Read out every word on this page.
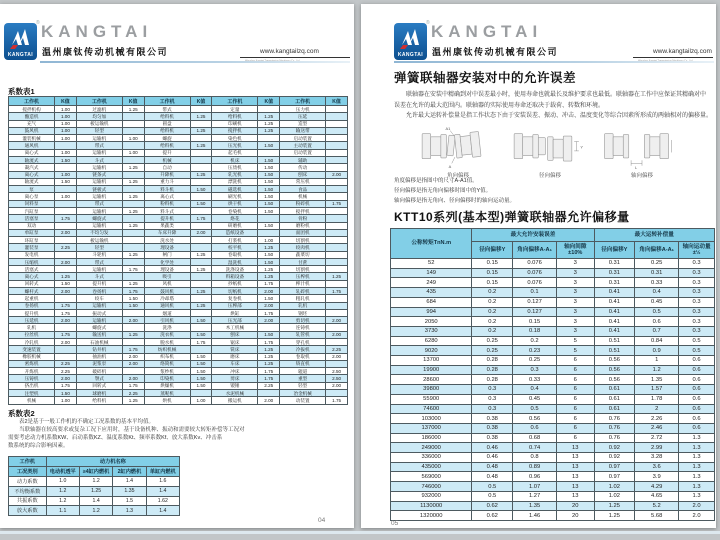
KANGTAI
® KANGTAI
温州康钛传动机械有限公司	www.kangtailzq.com
系数表1
工作机	K值	工作机	K值	工作机	K值	工作机	K值	工作机	K值
搅拌机构	1.00	过滤机	1.25	带式		定量		压力机	
酿造机	1.00	均匀加		给料机	1.25	给料机	1.25	压延	
充气	1.00	板运输机		圆盘		印刷机	1.25	造型	
鼓风机	1.00	轻型		给料机	1.25	搅拌机	1.25	输送带	
灌装机械	1.00	运输机	1.00	螺旋		染色机		启动装置	
通风机		带式		给料机	1.25	压光机	1.50	主动装置	
离心式	1.00	运输机	1.00	提升		起毛机		启动装置	
轴流式	1.50	斗式		机械		机床	1.50	辅助	
凝汽式		运输机	1.25	自动		压烫机	1.50	传动	
离心式	1.00	链条式		升降机	1.25	轧光机	1.50	刨床	2.00
轴流式	1.50	运输机	1.25	重力斗		漂洗机	1.50	常压机	
泵		链板式		料斗机	1.50	磁选机	1.50	食品	
离心泵	1.00	运输机	1.25	离心式		刷光机	1.50	机械	
饲料泵		带式		粉料机	1.50	烘干机	1.50	粉碎机	1.75
汽缸泵		运输机	1.25	料斗式		卷染机	1.50	搅拌机	
活塞泵	1.75	螺旋式		提升机	1.75	烙花		骨粉	
双动		运输机	1.25	果蔬类		研磨机	1.50	磨粉机	
单缸泵	2.00	不均匀发		车床升降	2.00	造纸设备		面团机	
环缸泵		板运输机		洗水处		打浆机	1.00	切割机	
灌装泵	2.25	轻型		理设备		校平机	1.25	绞肉机	
发电机		斗轮机	1.25	闸门	1.25	卷取机	1.50	蔬菜切	
压缩机	2.00	带式		化学处		湿洗机	1.50	甘蔗	
活塞式		运输机	1.75	理设备	1.25	洗涤设备	1.25	切割机	
离心式	1.25	斗式		吸引		料箱设备	1.25	压榨机	1.25
回转式	1.50	提升机	1.25	风机		抄纸机	1.75	榨汁机	
螺杆式	2.00	卷扬机	1.75	鼓风机	1.25	切纸机	2.00	轧碎机	1.75
起重机		绞车	1.50	冷却塔		复卷机	1.50	粗轧机	
卷扬机	1.75	运输机	1.50	通风机	1.25	压榨部	2.00	轧机	
提升机	1.75	振动式		烟道		烘缸	1.75	钢坯	
压延机	2.00	运输机	2.00	引风机	1.50	压光部	2.00	剪切机	2.00
轧机		螺旋式		洗涤		木工机械		连铸机	
拉丝机	1.75	输送机	1.25	洗衣机	1.50	刨床	1.50	轧管机	2.00
冷轧机	2.00	石油机械		脱水机	1.75	锯床	1.75	穿孔机	
变速装置		钻井机	1.75	纺织机械		铣床	1.25	冷拔机	2.25
橡胶机械		抽油机	2.00	织布机	1.50	磨床	1.25	卷取机	2.00
密炼机	2.25	泥浆泵	2.00	络筒机	1.50	车床	1.25	矫直机	
开炼机	2.25	破碎机		浆纱机	1.50	冲床	1.75	辊道	2.50
压铸机	2.00	颚式	2.00	印染机	1.50	剪床	1.75	重型	2.50
挤出机	1.75	回转式	1.75	烘燥机	1.50	锻锤	2.25	轻型	2.00
注塑机	1.50	球磨机	2.25	蒸呢机		水泥机械		冶金机械	
机械	1.00	给料机	1.25	烘机	1.00	搬运机	2.00	动装置	1.75
系数表2
表2是基于一般工作机的不确定工况系数的基本平均值。
当联轴器在较高要求或复杂工况下应用时，基于设备机种、振动和需要较大转矩补偿等工况对
需要考虑动力机系数KW、启动系数KZ、温度系数Kt、频率系数Kf、放大系数Kv、冲击系
数系统的综合影响因素。
工作机	动力机名称			
工况类别	电动机透平	≥4缸内燃机	2缸内燃机	单缸内燃机
动力系数	1.0	1.2	1.4	1.6
不均衡系数	1.2	1.25	1.35	1.4
共振系数	1.2	1.4	1.5	1.62
放大系数	1.1	1.2	1.3	1.4
04
KANGTAI
® KANGTAI
温州康钛传动机械有限公司	www.kangtailzq.com
弹簧联轴器安装对中的允许误差
联轴器在安装中精确到对中误差最小时，使用寿命也就最长及维护要求也最低。联轴器在工作中应保证其精确对中
误差在允许的最大范围内。联轴器的实际使用寿命还取决于载荷、转数和环境。
允许最大运转补偿量是指工作状态下由于安装误差、振动、冲击、温度变化等综合因素所形成的两轴相对的偏移量。
A1
A
角向偏移
Y
径向偏移
L
轴向偏移
角度偏移是指图中的尺寸A-A1值。
径向偏移是指无角向偏移时图中的Y值。
轴向偏移是指无角向、径向偏移时的轴向运动量。
KTT10系列(基本型)弹簧联轴器允许偏移量
公称转矩TnN.m	最大允许安装误差			最大运转补偿量		
	径向偏移Y	角向偏移A-A₁	轴向间隙±10%	径向偏移Y	角向偏移A-A₁	轴向运动量±½
52	0.15	0.076	3	0.31	0.25	0.3
149	0.15	0.076	3	0.31	0.31	0.3
249	0.15	0.076	3	0.31	0.33	0.3
435	0.2	0.1	3	0.41	0.4	0.3
684	0.2	0.127	3	0.41	0.45	0.3
994	0.2	0.127	3	0.41	0.5	0.3
2050	0.2	0.15	3	0.41	0.6	0.3
3730	0.2	0.18	3	0.41	0.7	0.3
6280	0.25	0.2	5	0.51	0.84	0.5
9020	0.25	0.23	5	0.51	0.9	0.5
13700	0.28	0.25	6	0.56	1	0.6
19900	0.28	0.3	6	0.56	1.2	0.6
28600	0.28	0.33	6	0.56	1.35	0.6
39800	0.3	0.4	6	0.61	1.57	0.6
55900	0.3	0.45	6	0.61	1.78	0.6
74600	0.3	0.5	6	0.61	2	0.6
103000	0.38	0.56	6	0.76	2.26	0.6
137000	0.38	0.6	6	0.76	2.46	0.6
186000	0.38	0.68	6	0.76	2.72	1.3
249000	0.46	0.74	13	0.92	2.99	1.3
336000	0.46	0.8	13	0.92	3.28	1.3
435000	0.48	0.89	13	0.97	3.6	1.3
569000	0.48	0.96	13	0.97	3.9	1.3
746000	0.5	1.07	13	1.02	4.29	1.3
932000	0.5	1.27	13	1.02	4.65	1.3
1130000	0.62	1.35	20	1.25	5.2	2.0
1320000	0.62	1.46	20	1.25	5.68	2.0
05
